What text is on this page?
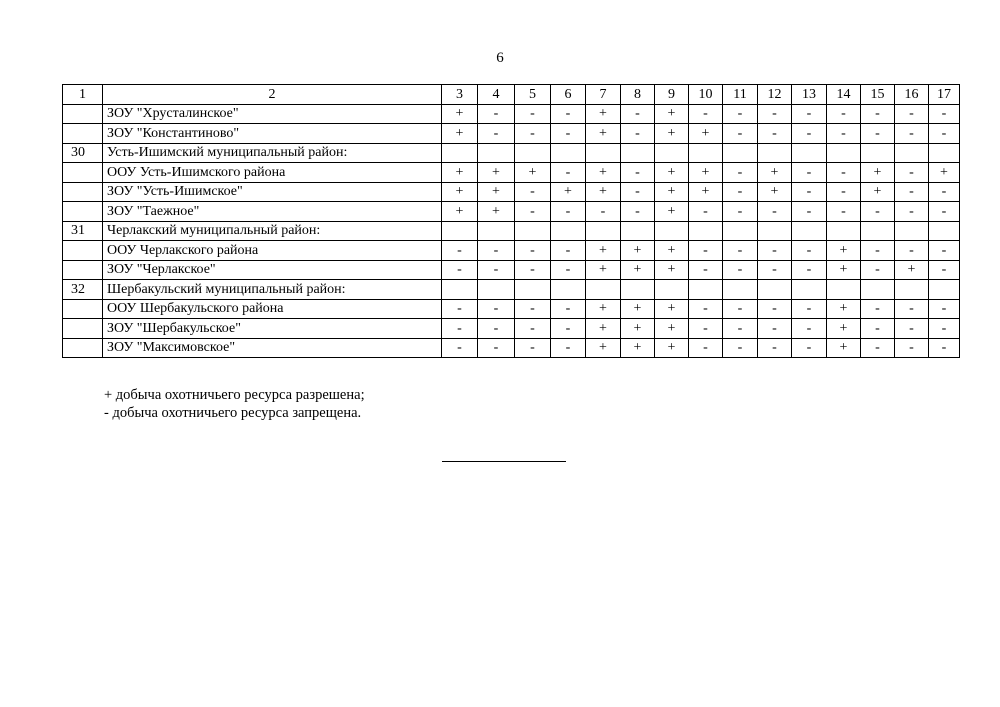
6
1	2	3	4	5	6	7	8	9	10	11	12	13	14	15	16	17
	ЗОУ "Хрусталинское"	+	-	-	-	+	-	+	-	-	-	-	-	-	-	-
	ЗОУ "Константиново"	+	-	-	-	+	-	+	+	-	-	-	-	-	-	-
30	Усть-Ишимский муниципальный район:															
	ООУ Усть-Ишимского района	+	+	+	-	+	-	+	+	-	+	-	-	+	-	+
	ЗОУ "Усть-Ишимское"	+	+	-	+	+	-	+	+	-	+	-	-	+	-	-
	ЗОУ "Таежное"	+	+	-	-	-	-	+	-	-	-	-	-	-	-	-
31	Черлакский муниципальный район:															
	ООУ Черлакского района	-	-	-	-	+	+	+	-	-	-	-	+	-	-	-
	ЗОУ "Черлакское"	-	-	-	-	+	+	+	-	-	-	-	+	-	+	-
32	Шербакульский муниципальный район:															
	ООУ Шербакульского района	-	-	-	-	+	+	+	-	-	-	-	+	-	-	-
	ЗОУ "Шербакульское"	-	-	-	-	+	+	+	-	-	-	-	+	-	-	-
	ЗОУ "Максимовское"	-	-	-	-	+	+	+	-	-	-	-	+	-	-	-
+ добыча охотничьего ресурса разрешена;
- добыча охотничьего ресурса запрещена.
